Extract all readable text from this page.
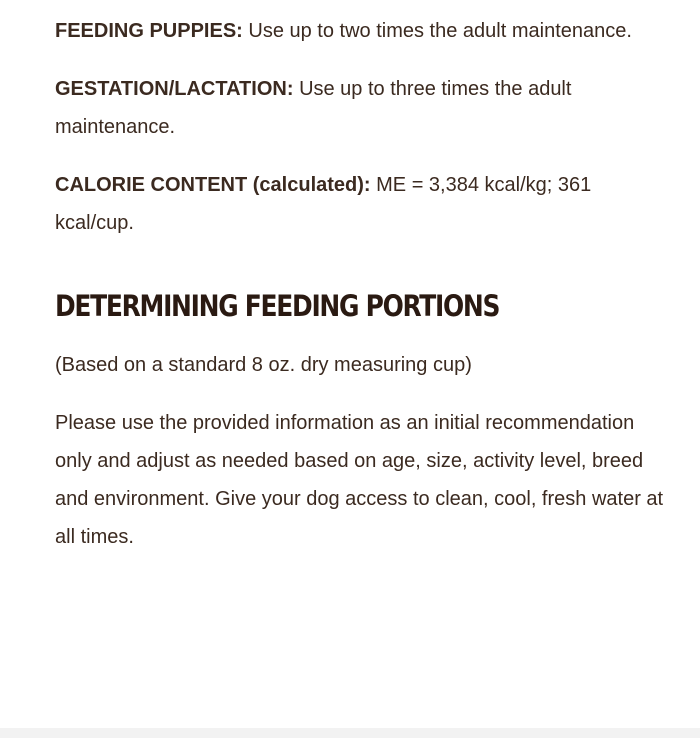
FEEDING PUPPIES: Use up to two times the adult maintenance.

GESTATION/LACTATION: Use up to three times the adult maintenance.

CALORIE CONTENT (calculated): ME = 3,384 kcal/kg; 361 kcal/cup.

DETERMINING FEEDING PORTIONS

(Based on a standard 8 oz. dry measuring cup)

Please use the provided information as an initial recommendation only and adjust as needed based on age, size, activity level, breed and environment. Give your dog access to clean, cool, fresh water at all times.
